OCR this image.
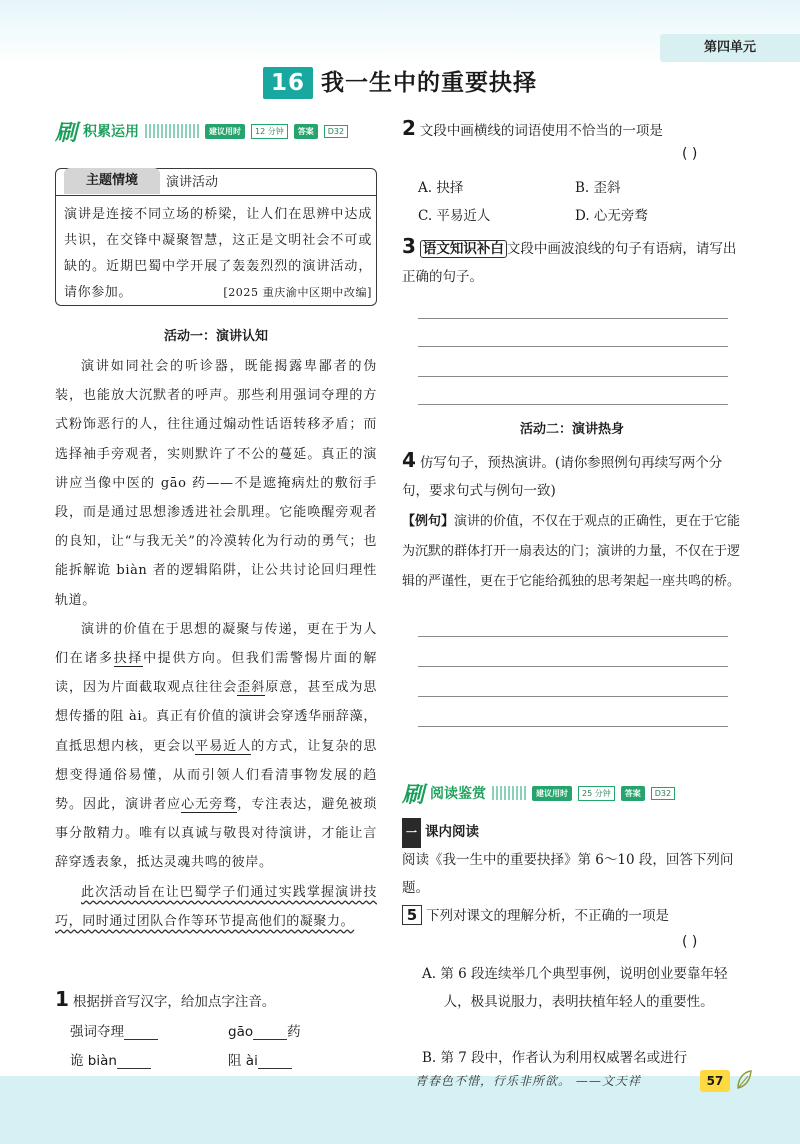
第四单元
16 我一生中的重要抉择
刷 积累运用	建议用时	12 分钟	答案	D32
主题情境	演讲活动
演讲是连接不同立场的桥梁，让人们在思辨中达成共识，在交锋中凝聚智慧，这正是文明社会不可或缺的。近期巴蜀中学开展了轰轰烈烈的演讲活动，请你参加。	[2025 重庆渝中区期中改编]
活动一：演讲认知

演讲如同社会的听诊器，既能揭露卑鄙者的伪装，也能放大沉默者的呼声。那些利用强词夺理的方式粉饰恶行的人，往往通过煽动性话语转移矛盾；而选择袖手旁观者，实则默许了不公的蔓延。真正的演讲应当像中医的 gāo 药——不是遮掩病灶的敷衍手段，而是通过思想渗透进社会肌理。它能唤醒旁观者的良知，让“与我无关”的冷漠转化为行动的勇气；也能拆解诡 biàn 者的逻辑陷阱，让公共讨论回归理性轨道。

演讲的价值在于思想的凝聚与传递，更在于为人们在诸多抉择中提供方向。但我们需警惕片面的解读，因为片面截取观点往往会歪斜原意，甚至成为思想传播的阻 ài。真正有价值的演讲会穿透华丽辞藻，直抵思想内核，更会以平易近人的方式，让复杂的思想变得通俗易懂，从而引领人们看清事物发展的趋势。因此，演讲者应心无旁骛，专注表达，避免被琐事分散精力。唯有以真诚与敬畏对待演讲，才能让言辞穿透表象，抵达灵魂共鸣的彼岸。

此次活动旨在让巴蜀学子们通过实践掌握演讲技巧，同时通过团队合作等环节提高他们的凝聚力。

1 根据拼音写汉字，给加点字注音。
强词夺理	gāo	药
诡 biàn	阻 ài
2 文段中画横线的词语使用不恰当的一项是
( )
A. 抉择	B. 歪斜
C. 平易近人	D. 心无旁骛
3 语文知识补白 文段中画波浪线的句子有语病，请写出正确的句子。
活动二：演讲热身
4 仿写句子，预热演讲。(请你参照例句再续写两个分句，要求句式与例句一致)
【例句】演讲的价值，不仅在于观点的正确性，更在于它能为沉默的群体打开一扇表达的门；演讲的力量，不仅在于逻辑的严谨性，更在于它能给孤独的思考架起一座共鸣的桥。
刷 阅读鉴赏	建议用时	25 分钟	答案	D32
一 课内阅读
阅读《我一生中的重要抉择》第 6～10 段，回答下列问题。
5 下列对课文的理解分析，不正确的一项是
( )
A. 第 6 段连续举几个典型事例，说明创业要靠年轻人，极具说服力，表明扶植年轻人的重要性。
B. 第 7 段中，作者认为利用权威署名或进行
青春色不惜，行乐非所欲。 ——文天祥	57
